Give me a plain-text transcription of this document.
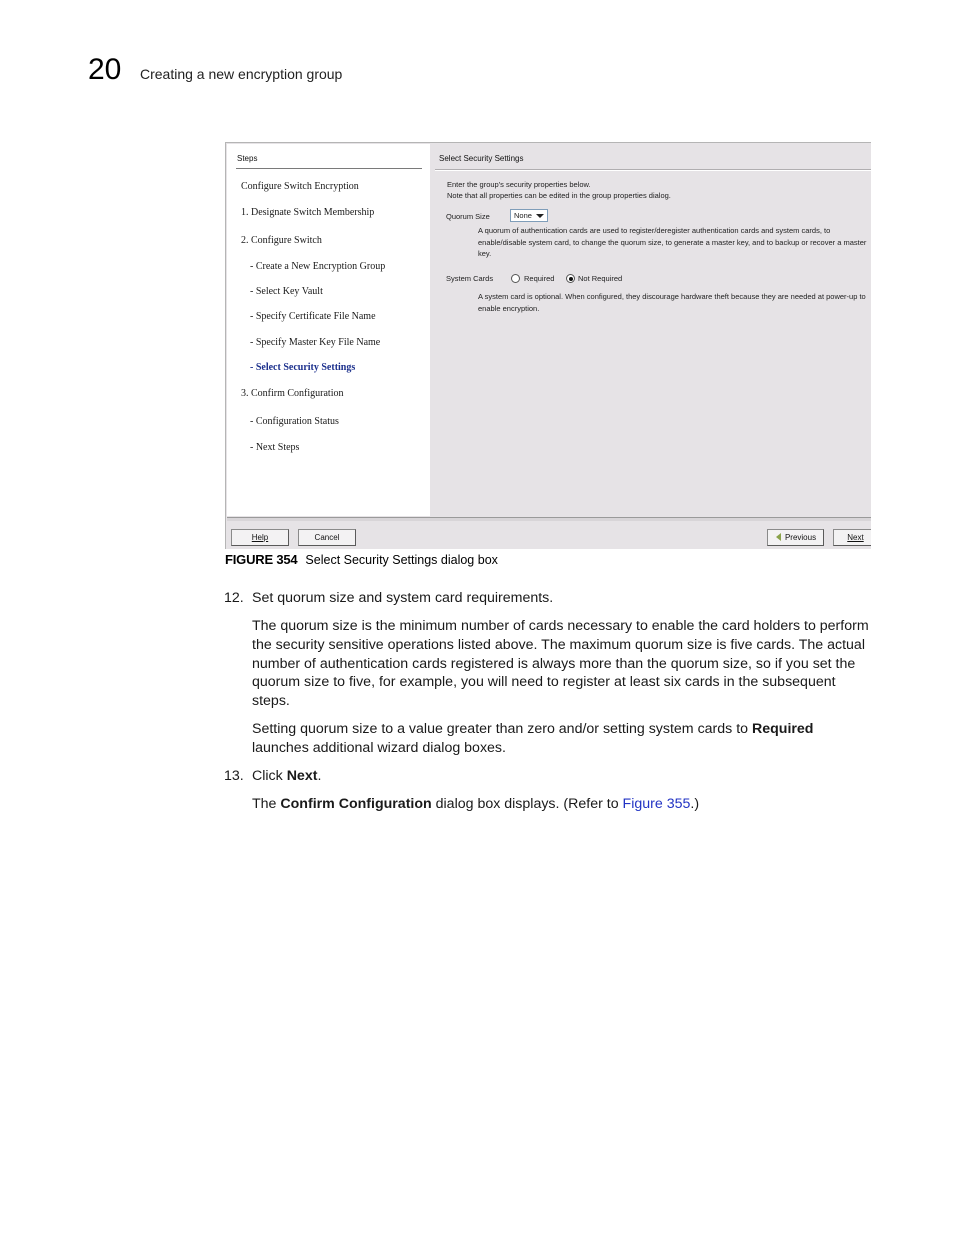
20 Creating a new encryption group
Steps
Configure Switch Encryption
1. Designate Switch Membership
2. Configure Switch
- Create a New Encryption Group
- Select Key Vault
- Specify Certificate File Name
- Specify Master Key File Name
- Select Security Settings
3. Confirm Configuration
- Configuration Status
- Next Steps
Select Security Settings
Enter the group's security properties below.
Note that all properties can be edited in the group properties dialog.
Quorum Size	None
A quorum of authentication cards are used to register/deregister authentication cards and system cards, to enable/disable system card, to change the quorum size, to generate a master key, and to backup or recover a master key.
System Cards	Required	Not Required
A system card is optional. When configured, they discourage hardware theft because they are needed at power-up to enable encryption.
Help	Cancel	Previous	Next
FIGURE 354 Select Security Settings dialog box
12. Set quorum size and system card requirements.
The quorum size is the minimum number of cards necessary to enable the card holders to perform the security sensitive operations listed above. The maximum quorum size is five cards. The actual number of authentication cards registered is always more than the quorum size, so if you set the quorum size to five, for example, you will need to register at least six cards in the subsequent steps.
Setting quorum size to a value greater than zero and/or setting system cards to Required launches additional wizard dialog boxes.
13. Click Next.
The Confirm Configuration dialog box displays. (Refer to Figure 355.)
